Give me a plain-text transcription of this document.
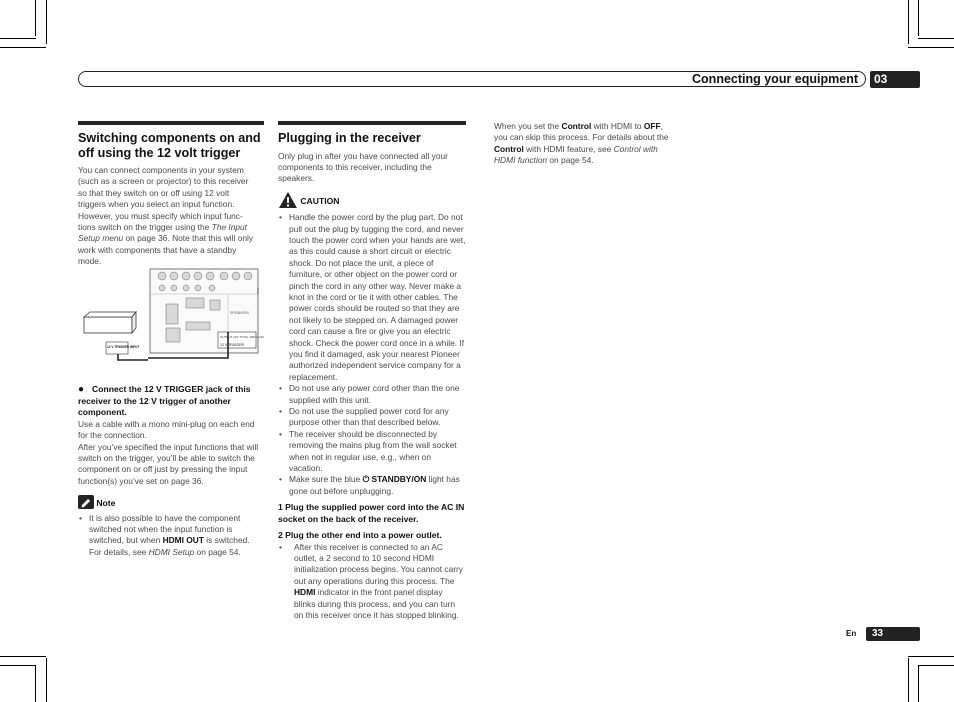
Connecting your equipment	03
Switching components on and off using the 12 volt trigger

You can connect components in your system
(such as a screen or projector) to this receiver
so that they switch on or off using 12 volt
triggers when you select an input function.
However, you must specify which input func-
tions switch on the trigger using the The Input
Setup menu on page 36. Note that this will only
work with components that have a standby
mode.

SPEAKERS
OUTPUT 12V TOTAL 150mA MAX
12 V TRIGGER
12 V TRIGGER INPUT

● Connect the 12 V TRIGGER jack of this receiver to the 12 V trigger of another component.

Use a cable with a mono mini-plug on each end for the connection.

After you’ve specified the input functions that will switch on the trigger, you’ll be able to switch the component on or off just by pressing the input function(s) you’ve set on page 36.

Note
• It is also possible to have the component switched not when the input function is switched, but when HDMI OUT is switched. For details, see HDMI Setup on page 54.
Plugging in the receiver

Only plug in after you have connected all your components to this receiver, including the speakers.

CAUTION
• Handle the power cord by the plug part. Do not pull out the plug by tugging the cord, and never touch the power cord when your hands are wet, as this could cause a short circuit or electric shock. Do not place the unit, a piece of furniture, or other object on the power cord or pinch the cord in any other way. Never make a knot in the cord or tie it with other cables. The power cords should be routed so that they are not likely to be stepped on. A damaged power cord can cause a fire or give you an electric shock. Check the power cord once in a while. If you find it damaged, ask your nearest Pioneer authorized independent service company for a replacement.
• Do not use any power cord other than the one supplied with this unit.
• Do not use the supplied power cord for any purpose other than that described below.
• The receiver should be disconnected by removing the mains plug from the wall socket when not in regular use, e.g., when on vacation.
• Make sure the blue ⏻ STANDBY/ON light has gone out before unplugging.

1 Plug the supplied power cord into the AC IN socket on the back of the receiver.

2 Plug the other end into a power outlet.

• After this receiver is connected to an AC outlet, a 2 second to 10 second HDMI initialization process begins. You cannot carry out any operations during this process. The HDMI indicator in the front panel display blinks during this process, and you can turn on this receiver once it has stopped blinking.

When you set the Control with HDMI to OFF, you can skip this process. For details about the Control with HDMI feature, see Control with HDMI function on page 54.

En	33
